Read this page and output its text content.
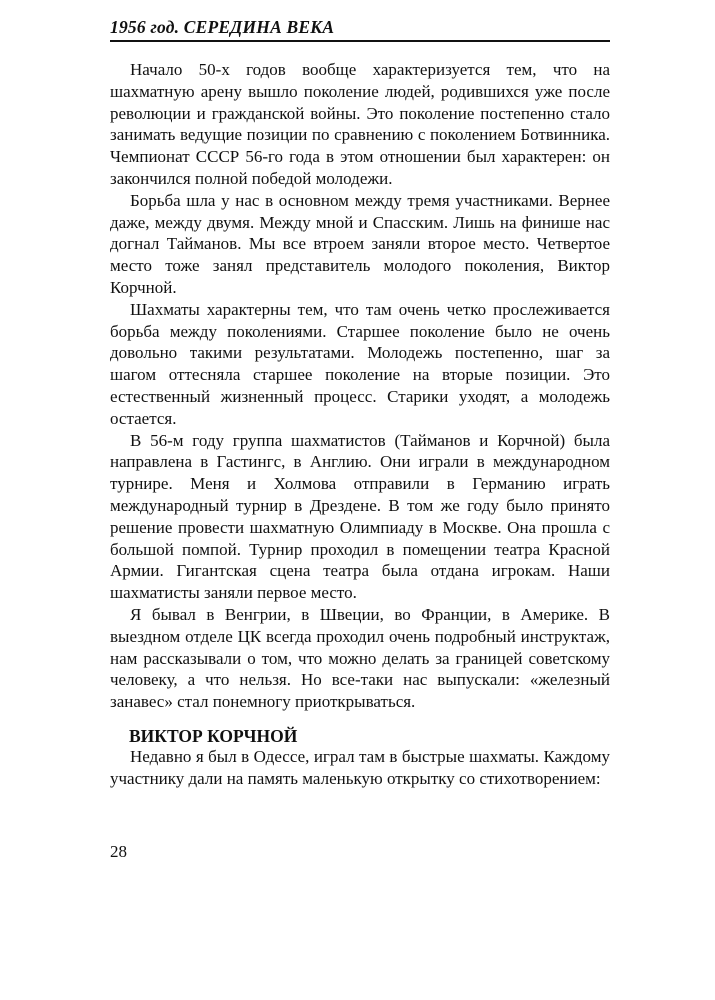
1956 год. СЕРЕДИНА ВЕКА

Начало 50-х годов вообще характеризуется тем, что на шахматную арену вышло поколение людей, родившихся уже после революции и гражданской войны. Это поколение постепенно стало занимать ведущие позиции по сравнению с поколением Ботвинника. Чемпионат СССР 56-го года в этом отношении был характерен: он закончился полной победой молодежи.

Борьба шла у нас в основном между тремя участниками. Вернее даже, между двумя. Между мной и Спасским. Лишь на финише нас догнал Тайманов. Мы все втроем заняли второе место. Четвертое место тоже занял представитель молодого поколения, Виктор Корчной.

Шахматы характерны тем, что там очень четко прослеживается борьба между поколениями. Старшее поколение было не очень довольно такими результатами. Молодежь постепенно, шаг за шагом оттесняла старшее поколение на вторые позиции. Это естественный жизненный процесс. Старики уходят, а молодежь остается.

В 56-м году группа шахматистов (Тайманов и Корчной) была направлена в Гастингс, в Англию. Они играли в международном турнире. Меня и Холмова отправили в Германию играть международный турнир в Дрездене. В том же году было принято решение провести шахматную Олимпиаду в Москве. Она прошла с большой помпой. Турнир проходил в помещении театра Красной Армии. Гигантская сцена театра была отдана игрокам. Наши шахматисты заняли первое место.

Я бывал в Венгрии, в Швеции, во Франции, в Америке. В выездном отделе ЦК всегда проходил очень подробный инструктаж, нам рассказывали о том, что можно делать за границей советскому человеку, а что нельзя. Но все-таки нас выпускали: «железный занавес» стал понемногу приоткрываться.

ВИКТОР КОРЧНОЙ

Недавно я был в Одессе, играл там в быстрые шахматы. Каждому участнику дали на память маленькую открытку со стихотворением:

28
